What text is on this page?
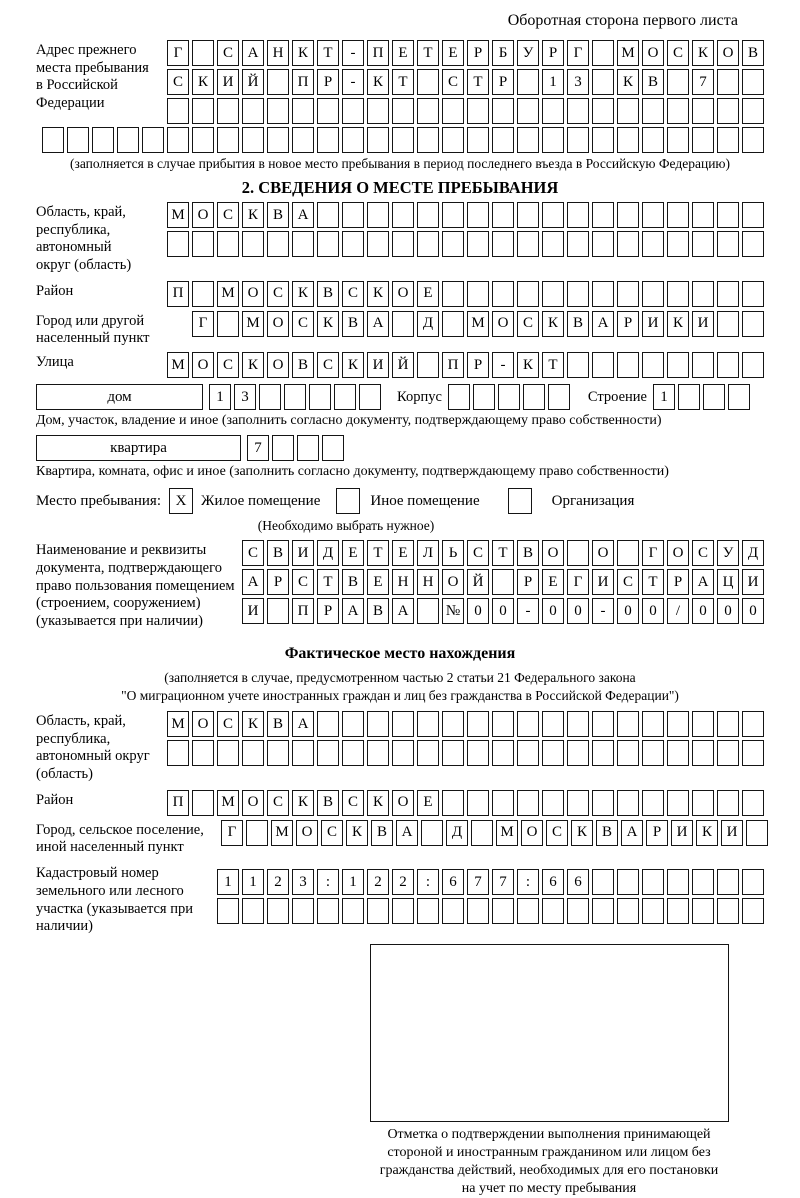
Оборотная сторона первого листа
Адрес прежнего места пребывания в Российской Федерации
Г	С А Н К	Т	-	П Е	Т	Е	Р	Б	У	Р	Г	М О С К О В
С К И Й	П	Р	-	К	Т	С	Т	Р	1	3	К В	7
(заполняется в случае прибытия в новое место пребывания в период последнего въезда в Российскую Федерацию)
2. СВЕДЕНИЯ О МЕСТЕ ПРЕБЫВАНИЯ
Область, край, республика, автономный округ (область)
М О С К В А
Район	П	М О С К В С К О Е
Город или другой населенный пункт
Г	М О С К В А	Д	М О С К В А	Р	И К И
Улица	М О С К О В С К И Й	П	Р	-	К	Т
дом	1	3	Корпус	Строение 1
Дом, участок, владение и иное (заполнить согласно документу, подтверждающему право собственности)
квартира	7
Квартира, комната, офис и иное (заполнить согласно документу, подтверждающему право собственности)
Место пребывания: X Жилое помещение	Иное помещение	Организация
(Необходимо выбрать нужное)
Наименование и реквизиты документа, подтверждающего право пользования помещением (строением, сооружением) (указывается при наличии)
С В И Д	Е	Т	Е	Л	Ь	С	Т	В О	О	Г	О С У Д
А	Р	С	Т	В	Е	Н Н О Й	Р	Е	Г	И С	Т	Р	А Ц И
И	П	Р	А В А	№ 0	0	-	0	0	-	0	0	/	0	0	0
Фактическое место нахождения
(заполняется в случае, предусмотренном частью 2 статьи 21 Федерального закона
"О миграционном учете иностранных граждан и лиц без гражданства в Российской Федерации")
Область, край, республика, автономный округ (область)
М О С К В А
Район	П	М О С К В С К О Е
Город, сельское поселение, иной населенный пункт
Г	М О С К В А	Д	М О С К В А	Р	И К И
Кадастровый номер земельного или лесного участка (указывается при наличии)
1	1	2	3	:	1	2	2	:	6	7	7	:	6	6
Отметка о подтверждении выполнения принимающей
стороной и иностранным гражданином или лицом без
гражданства действий, необходимых для его постановки
на учет по месту пребывания
